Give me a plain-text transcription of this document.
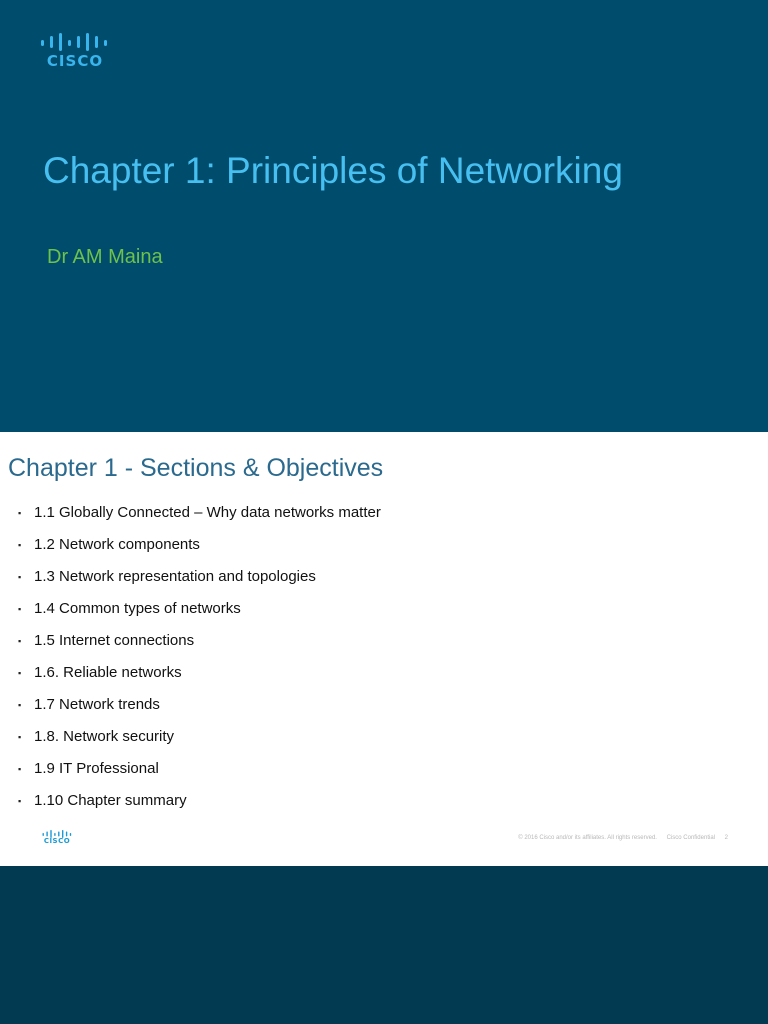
CISCO
Chapter 1: Principles of Networking
Dr AM Maina
Chapter 1 - Sections & Objectives
▪ 1.1 Globally Connected – Why data networks matter
▪ 1.2 Network components
▪ 1.3 Network representation and topologies
▪ 1.4 Common types of networks
▪ 1.5 Internet connections
▪ 1.6. Reliable networks
▪ 1.7 Network trends
▪ 1.8. Network security
▪ 1.9 IT Professional
▪ 1.10 Chapter summary
CISCO	© 2016 Cisco and/or its affiliates. All rights reserved. Cisco Confidential 2
